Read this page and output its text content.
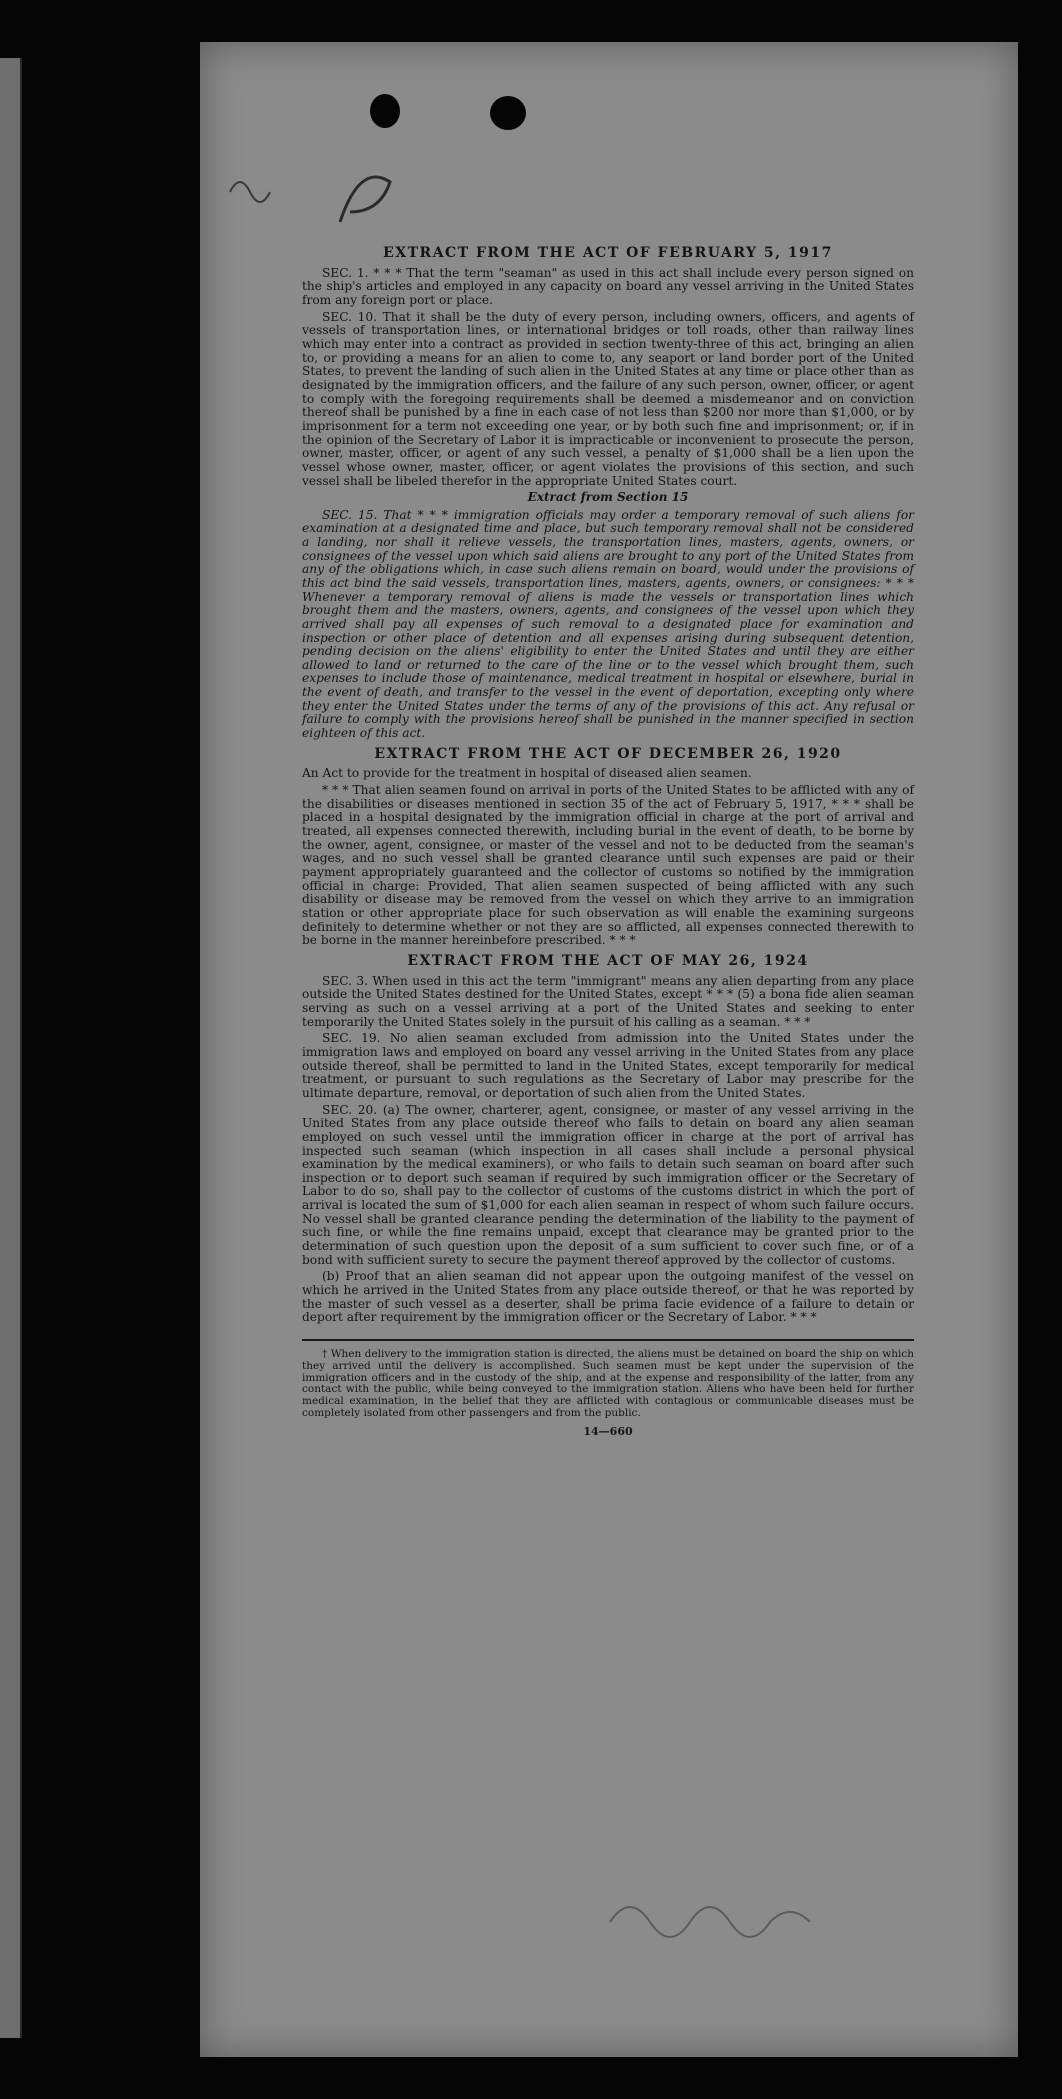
EXTRACT FROM THE ACT OF FEBRUARY 5, 1917

SEC. 1. * * * That the term "seaman" as used in this act shall include every person signed on the ship's articles and employed in any capacity on board any vessel arriving in the United States from any foreign port or place.

SEC. 10. That it shall be the duty of every person, including owners, officers, and agents of vessels of transportation lines, or international bridges or toll roads, other than railway lines which may enter into a contract as provided in section twenty-three of this act, bringing an alien to, or providing a means for an alien to come to, any seaport or land border port of the United States, to prevent the landing of such alien in the United States at any time or place other than as designated by the immigration officers, and the failure of any such person, owner, officer, or agent to comply with the foregoing requirements shall be deemed a misdemeanor and on conviction thereof shall be punished by a fine in each case of not less than $200 nor more than $1,000, or by imprisonment for a term not exceeding one year, or by both such fine and imprisonment; or, if in the opinion of the Secretary of Labor it is impracticable or inconvenient to prosecute the person, owner, master, officer, or agent of any such vessel, a penalty of $1,000 shall be a lien upon the vessel whose owner, master, officer, or agent violates the provisions of this section, and such vessel shall be libeled therefor in the appropriate United States court.

Extract from Section 15

SEC. 15. That * * * immigration officials may order a temporary removal of such aliens for examination at a designated time and place, but such temporary removal shall not be considered a landing, nor shall it relieve vessels, the transportation lines, masters, agents, owners, or consignees of the vessel upon which said aliens are brought to any port of the United States from any of the obligations which, in case such aliens remain on board, would under the provisions of this act bind the said vessels, transportation lines, masters, agents, owners, or consignees: * * * Whenever a temporary removal of aliens is made the vessels or transportation lines which brought them and the masters, owners, agents, and consignees of the vessel upon which they arrived shall pay all expenses of such removal to a designated place for examination and inspection or other place of detention and all expenses arising during subsequent detention, pending decision on the aliens' eligibility to enter the United States and until they are either allowed to land or returned to the care of the line or to the vessel which brought them, such expenses to include those of maintenance, medical treatment in hospital or elsewhere, burial in the event of death, and transfer to the vessel in the event of deportation, excepting only where they enter the United States under the terms of any of the provisions of this act. Any refusal or failure to comply with the provisions hereof shall be punished in the manner specified in section eighteen of this act.

EXTRACT FROM THE ACT OF DECEMBER 26, 1920

An Act to provide for the treatment in hospital of diseased alien seamen.

* * * That alien seamen found on arrival in ports of the United States to be afflicted with any of the disabilities or diseases mentioned in section 35 of the act of February 5, 1917, * * * shall be placed in a hospital designated by the immigration official in charge at the port of arrival and treated, all expenses connected therewith, including burial in the event of death, to be borne by the owner, agent, consignee, or master of the vessel and not to be deducted from the seaman's wages, and no such vessel shall be granted clearance until such expenses are paid or their payment appropriately guaranteed and the collector of customs so notified by the immigration official in charge: Provided, That alien seamen suspected of being afflicted with any such disability or disease may be removed from the vessel on which they arrive to an immigration station or other appropriate place for such observation as will enable the examining surgeons definitely to determine whether or not they are so afflicted, all expenses connected therewith to be borne in the manner hereinbefore prescribed. * * *

EXTRACT FROM THE ACT OF MAY 26, 1924

SEC. 3. When used in this act the term "immigrant" means any alien departing from any place outside the United States destined for the United States, except * * * (5) a bona fide alien seaman serving as such on a vessel arriving at a port of the United States and seeking to enter temporarily the United States solely in the pursuit of his calling as a seaman. * * *

SEC. 19. No alien seaman excluded from admission into the United States under the immigration laws and employed on board any vessel arriving in the United States from any place outside thereof, shall be permitted to land in the United States, except temporarily for medical treatment, or pursuant to such regulations as the Secretary of Labor may prescribe for the ultimate departure, removal, or deportation of such alien from the United States.

SEC. 20. (a) The owner, charterer, agent, consignee, or master of any vessel arriving in the United States from any place outside thereof who fails to detain on board any alien seaman employed on such vessel until the immigration officer in charge at the port of arrival has inspected such seaman (which inspection in all cases shall include a personal physical examination by the medical examiners), or who fails to detain such seaman on board after such inspection or to deport such seaman if required by such immigration officer or the Secretary of Labor to do so, shall pay to the collector of customs of the customs district in which the port of arrival is located the sum of $1,000 for each alien seaman in respect of whom such failure occurs. No vessel shall be granted clearance pending the determination of the liability to the payment of such fine, or while the fine remains unpaid, except that clearance may be granted prior to the determination of such question upon the deposit of a sum sufficient to cover such fine, or of a bond with sufficient surety to secure the payment thereof approved by the collector of customs.

(b) Proof that an alien seaman did not appear upon the outgoing manifest of the vessel on which he arrived in the United States from any place outside thereof, or that he was reported by the master of such vessel as a deserter, shall be prima facie evidence of a failure to detain or deport after requirement by the immigration officer or the Secretary of Labor. * * *

† When delivery to the immigration station is directed, the aliens must be detained on board the ship on which they arrived until the delivery is accomplished. Such seamen must be kept under the supervision of the immigration officers and in the custody of the ship, and at the expense and responsibility of the latter, from any contact with the public, while being conveyed to the immigration station. Aliens who have been held for further medical examination, in the belief that they are afflicted with contagious or communicable diseases must be completely isolated from other passengers and from the public.

14—660
